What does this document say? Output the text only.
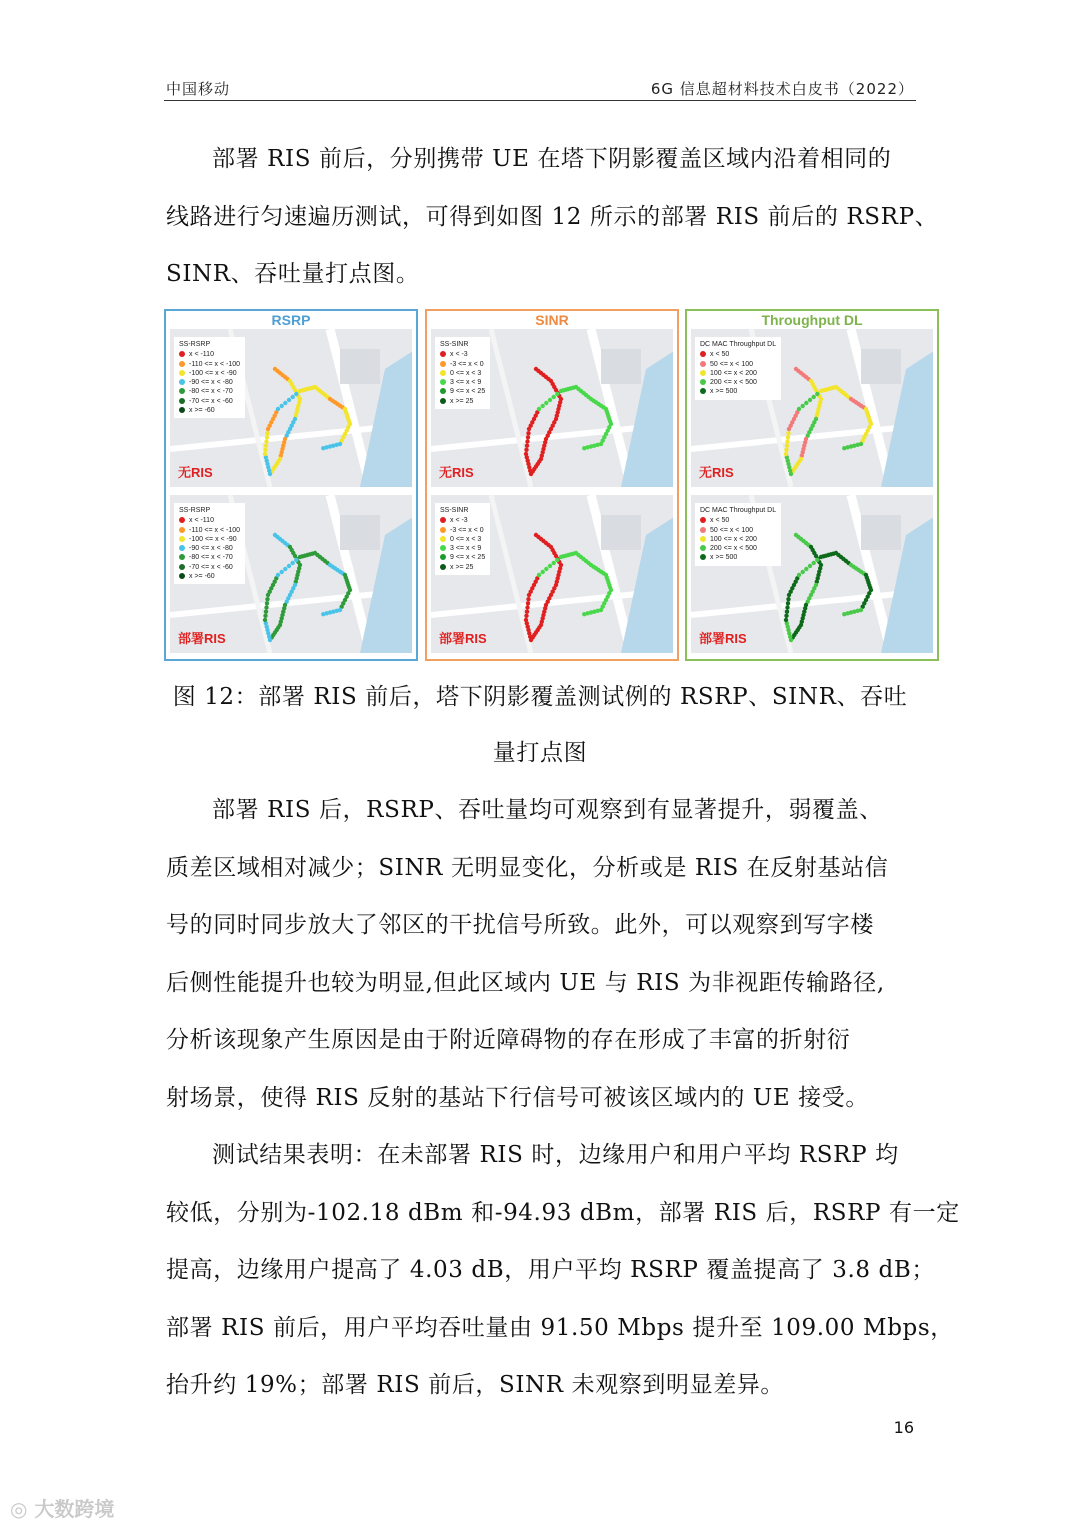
中国移动	6G 信息超材料技术白皮书（2022）
部署 RIS 前后，分别携带 UE 在塔下阴影覆盖区域内沿着相同的
线路进行匀速遍历测试，可得到如图 12 所示的部署 RIS 前后的 RSRP、
SINR、吞吐量打点图。
RSRP
SS-RSRP
x < -110
-110 <= x < -100
-100 <= x < -90
-90 <= x < -80
-80 <= x < -70
-70 <= x < -60
x >= -60
无RIS
SS-RSRP
x < -110
-110 <= x < -100
-100 <= x < -90
-90 <= x < -80
-80 <= x < -70
-70 <= x < -60
x >= -60
部署RIS
SINR
SS-SINR
x < -3
-3 <= x < 0
0 <= x < 3
3 <= x < 9
9 <= x < 25
x >= 25
无RIS
SS-SINR
x < -3
-3 <= x < 0
0 <= x < 3
3 <= x < 9
9 <= x < 25
x >= 25
部署RIS
Throughput DL
DC MAC Throughput DL
x < 50
50 <= x < 100
100 <= x < 200
200 <= x < 500
x >= 500
无RIS
DC MAC Throughput DL
x < 50
50 <= x < 100
100 <= x < 200
200 <= x < 500
x >= 500
部署RIS
图 12：部署 RIS 前后，塔下阴影覆盖测试例的 RSRP、SINR、吞吐
量打点图
部署 RIS 后，RSRP、吞吐量均可观察到有显著提升，弱覆盖、
质差区域相对减少；SINR 无明显变化，分析或是 RIS 在反射基站信
号的同时同步放大了邻区的干扰信号所致。此外，可以观察到写字楼
后侧性能提升也较为明显,但此区域内 UE 与 RIS 为非视距传输路径,
分析该现象产生原因是由于附近障碍物的存在形成了丰富的折射衍
射场景，使得 RIS 反射的基站下行信号可被该区域内的 UE 接受。
测试结果表明：在未部署 RIS 时，边缘用户和用户平均 RSRP 均
较低，分别为-102.18 dBm 和-94.93 dBm，部署 RIS 后，RSRP 有一定
提高，边缘用户提高了 4.03 dB，用户平均 RSRP 覆盖提高了 3.8 dB；
部署 RIS 前后，用户平均吞吐量由 91.50 Mbps 提升至 109.00 Mbps，
抬升约 19%；部署 RIS 前后，SINR 未观察到明显差异。
16
◎ 大数跨境
